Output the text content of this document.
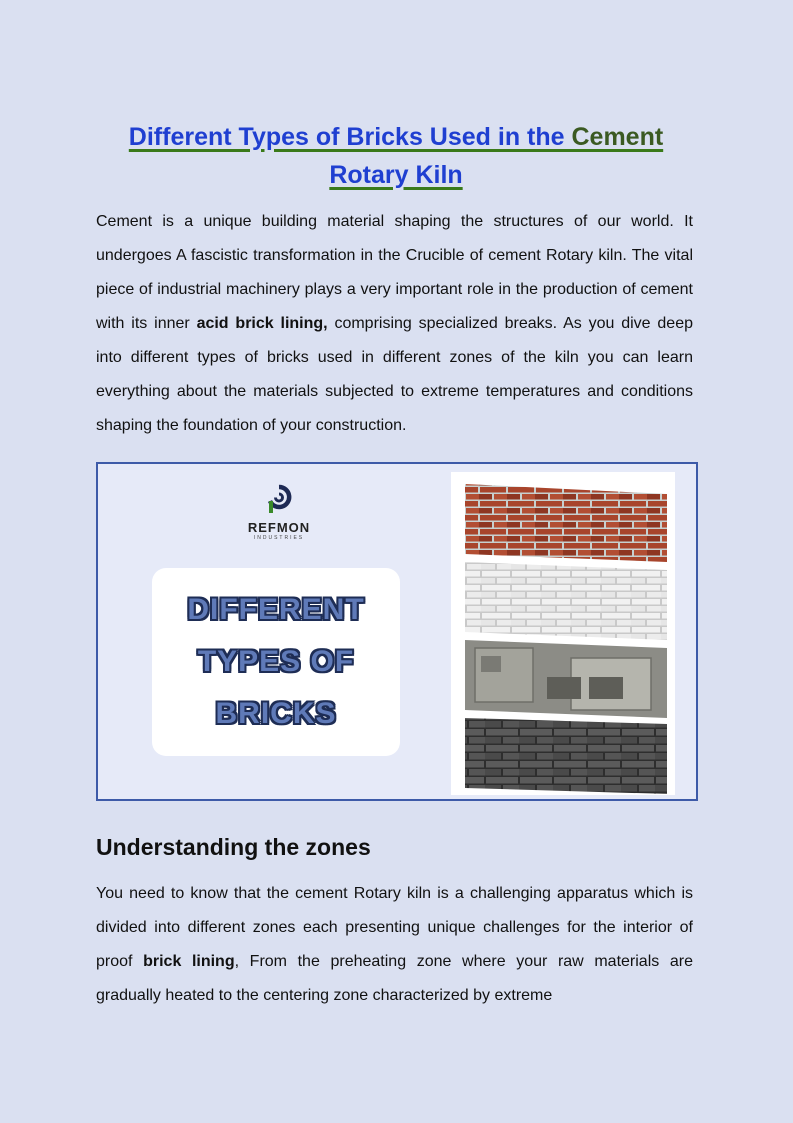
Different Types of Bricks Used in the Cement
Rotary Kiln

Cement is a unique building material shaping the structures of our world. It undergoes A fascistic transformation in the Crucible of cement Rotary kiln. The vital piece of industrial machinery plays a very important role in the production of cement with its inner acid brick lining, comprising specialized breaks. As you dive deep into different types of bricks used in different zones of the kiln you can learn everything about the materials subjected to extreme temperatures and conditions shaping the foundation of your construction.

REFMON
INDUSTRIES
DIFFERENT
TYPES OF
BRICKS
Understanding the zones

You need to know that the cement Rotary kiln is a challenging apparatus which is divided into different zones each presenting unique challenges for the interior of proof brick lining, From the preheating zone where your raw materials are gradually heated to the centering zone characterized by extreme
